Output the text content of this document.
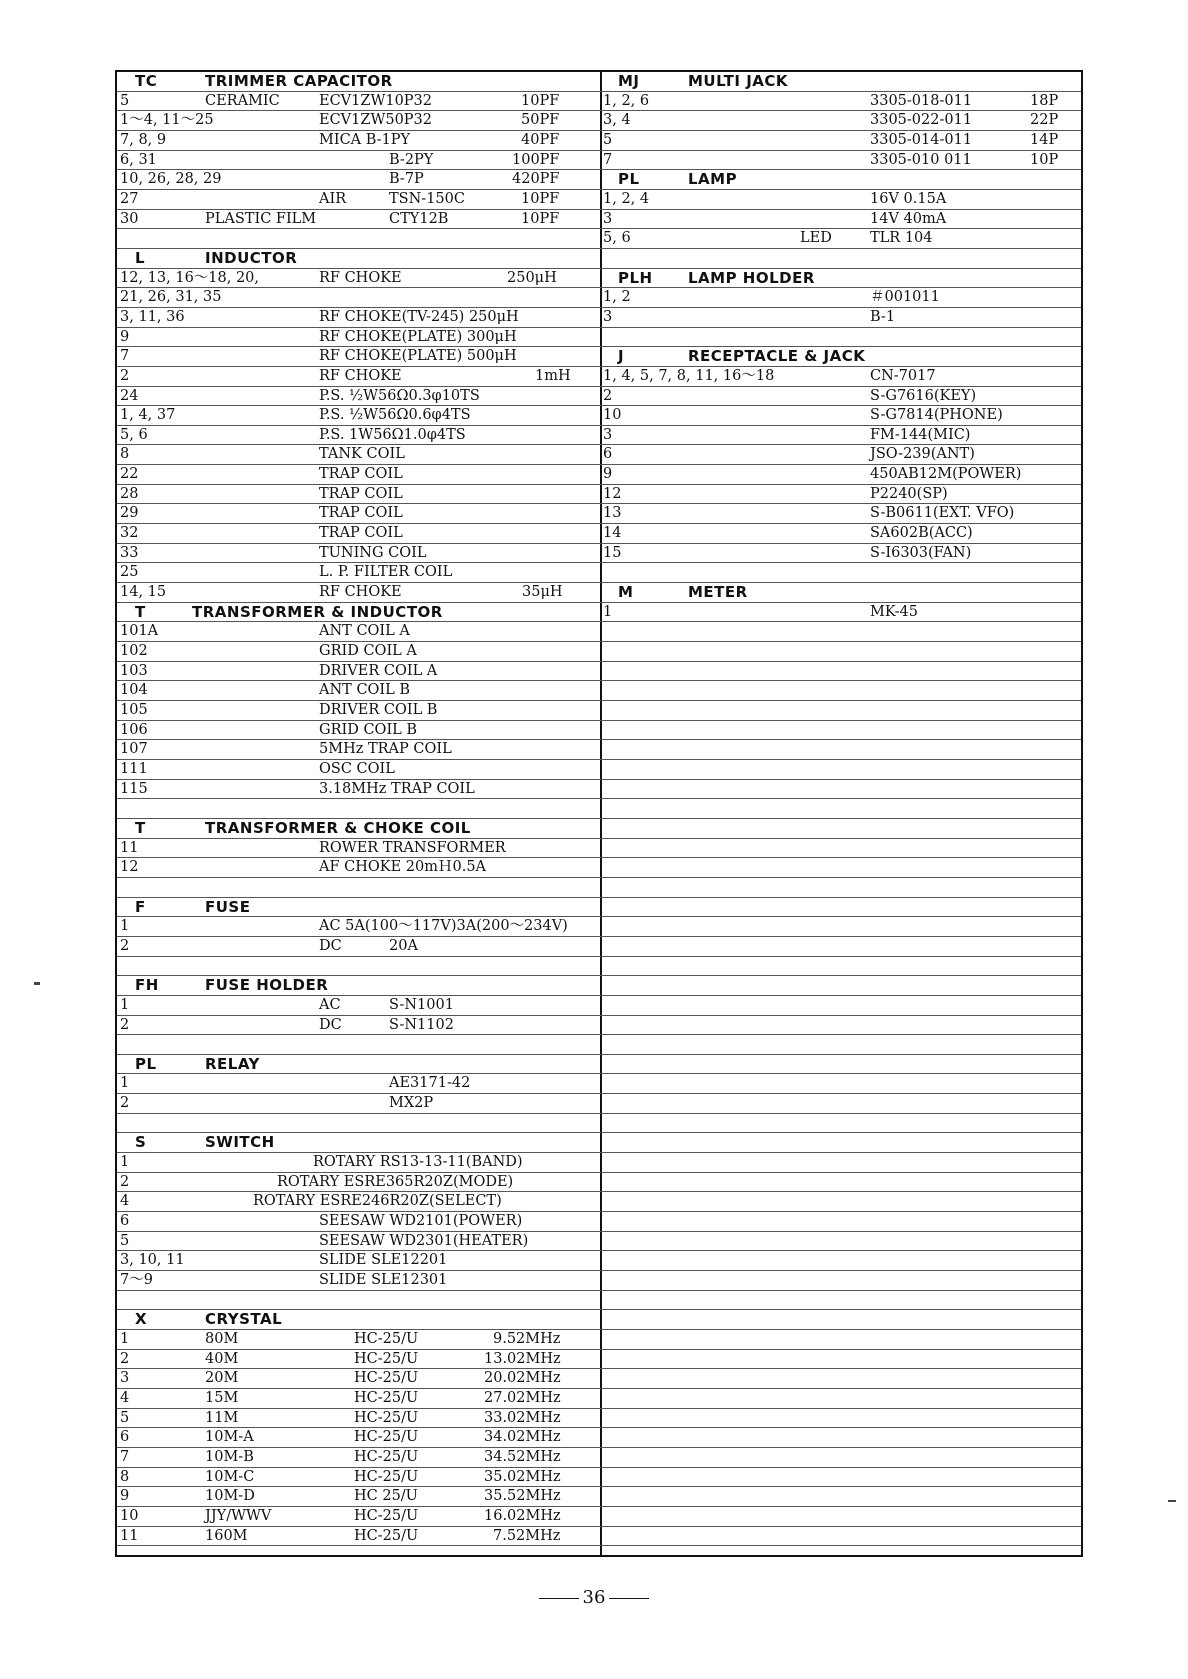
TC	TRIMMER CAPACITOR
5	CERAMIC	ECV1ZW10P32	10PF
1～4, 11～25	ECV1ZW50P32	50PF
7, 8, 9	MICA B-1PY	40PF
6, 31	B-2PY	100PF
10, 26, 28, 29	B-7P	420PF
27	AIR	TSN-150C	10PF
30	PLASTIC FILM	CTY12B	10PF
L	INDUCTOR
12, 13, 16～18, 20,	RF CHOKE	250μH
21, 26, 31, 35
3, 11, 36	RF CHOKE(TV-245) 250μH
9	RF CHOKE(PLATE) 300μH
7	RF CHOKE(PLATE) 500μH
2	RF CHOKE	1mH
24	P.S. ½W56Ω0.3φ10TS
1, 4, 37	P.S. ½W56Ω0.6φ4TS
5, 6	P.S. 1W56Ω1.0φ4TS
8	TANK COIL
22	TRAP COIL
28	TRAP COIL
29	TRAP COIL
32	TRAP COIL
33	TUNING COIL
25	L. P. FILTER COIL
14, 15	RF CHOKE	35μH
T	TRANSFORMER & INDUCTOR
101A	ANT COIL A
102	GRID COIL A
103	DRIVER COIL A
104	ANT COIL B
105	DRIVER COIL B
106	GRID COIL B
107	5MHz TRAP COIL
111	OSC COIL
115	3.18MHz TRAP COIL
T	TRANSFORMER & CHOKE COIL
11	ROWER TRANSFORMER
12	AF CHOKE 20mＨ0.5A
F	FUSE
1	AC 5A(100～117V)3A(200～234V)
2	DC	20A
FH	FUSE HOLDER
1	AC	S-N1001
2	DC	S-N1102
PL	RELAY
1	AE3171-42
2	MX2P
S	SWITCH
1	ROTARY RS13-13-11(BAND)
2	ROTARY ESRE365R20Z(MODE)
4	ROTARY ESRE246R20Z(SELECT)
6	SEESAW WD2101(POWER)
5	SEESAW WD2301(HEATER)
3, 10, 11	SLIDE SLE12201
7～9	SLIDE SLE12301
X	CRYSTAL
1	80M	HC-25/U	9.52MHz
2	40M	HC-25/U	13.02MHz
3	20M	HC-25/U	20.02MHz
4	15M	HC-25/U	27.02MHz
5	11M	HC-25/U	33.02MHz
6	10M-A	HC-25/U	34.02MHz
7	10M-B	HC-25/U	34.52MHz
8	10M-C	HC-25/U	35.02MHz
9	10M-D	HC 25/U	35.52MHz
10	JJY/WWV	HC-25/U	16.02MHz
11	160M	HC-25/U	7.52MHz
MJ	MULTI JACK
1, 2, 6	3305-018-011	18P
3, 4	3305-022-011	22P
5	3305-014-011	14P
7	3305-010 011	10P
PL	LAMP
1, 2, 4	16V 0.15A
3	14V 40mA
5, 6	LED	TLR 104
PLH LAMP HOLDER
1, 2	＃001011
3	B-1
J	RECEPTACLE & JACK
1, 4, 5, 7, 8, 11, 16～18	CN-7017
2	S-G7616(KEY)
10	S-G7814(PHONE)
3	FM-144(MIC)
6	JSO-239(ANT)
9	450AB12M(POWER)
12	P2240(SP)
13	S-B0611(EXT. VFO)
14	SA602B(ACC)
15	S-I6303(FAN)
M	METER
1	MK-45
36
